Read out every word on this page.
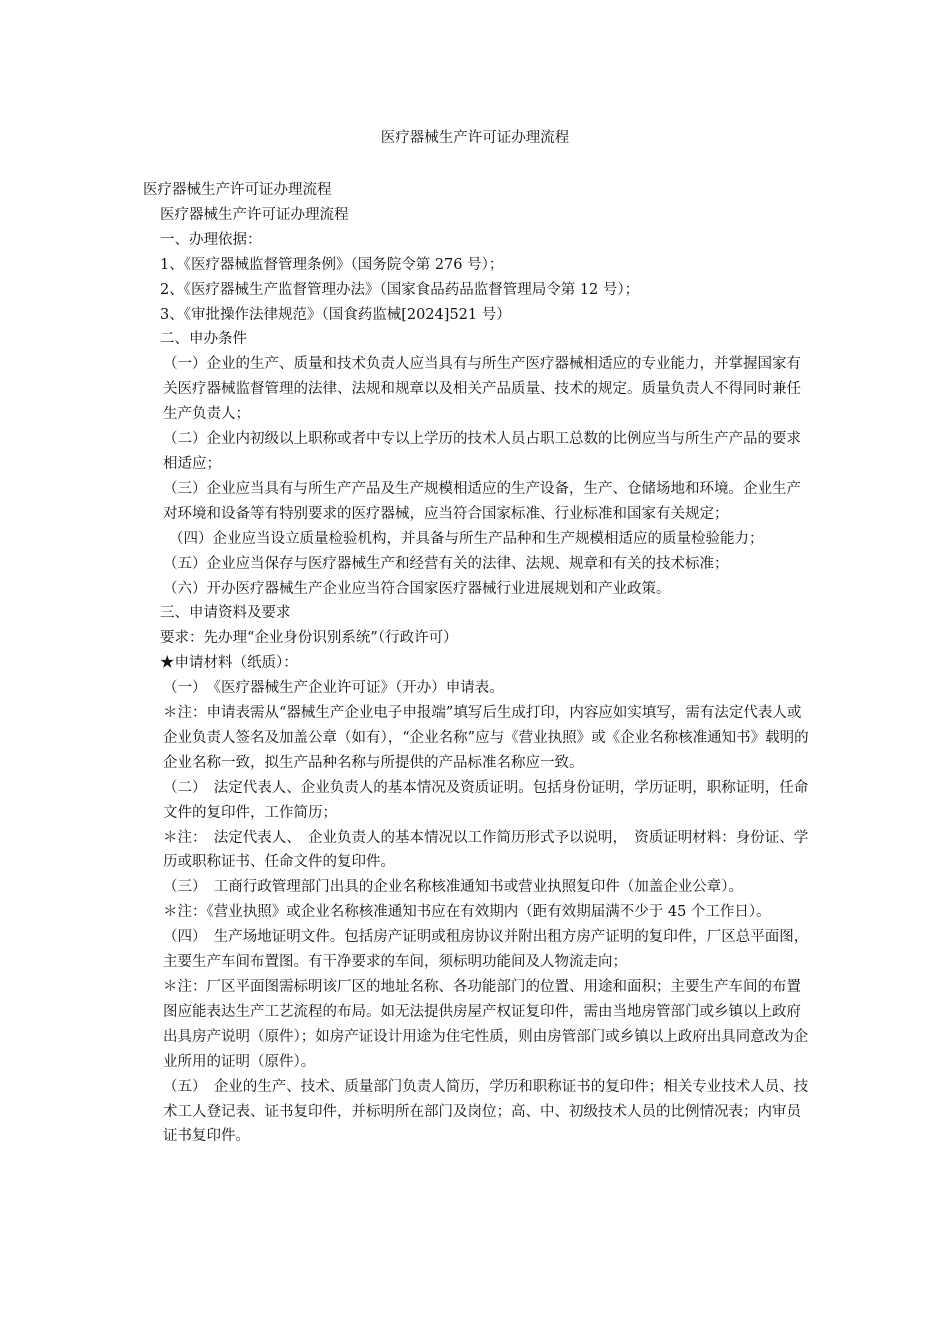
医疗器械生产许可证办理流程

医疗器械生产许可证办理流程

医疗器械生产许可证办理流程

一、办理依据：

1、《医疗器械监督管理条例》（国务院令第 276 号）；

2、《医疗器械生产监督管理办法》（国家食品药品监督管理局令第 12 号）；

3、《审批操作法律规范》（国食药监械[2024]521 号）

二、申办条件

（一）企业的生产、质量和技术负责人应当具有与所生产医疗器械相适应的专业能力，并掌握国家有关医疗器械监督管理的法律、法规和规章以及相关产品质量、技术的规定。质量负责人不得同时兼任生产负责人；

（二）企业内初级以上职称或者中专以上学历的技术人员占职工总数的比例应当与所生产产品的要求相适应；

（三）企业应当具有与所生产产品及生产规模相适应的生产设备，生产、仓储场地和环境。企业生产对环境和设备等有特别要求的医疗器械，应当符合国家标准、行业标准和国家有关规定；

（四）企业应当设立质量检验机构，并具备与所生产品种和生产规模相适应的质量检验能力；

（五）企业应当保存与医疗器械生产和经营有关的法律、法规、规章和有关的技术标准；

（六）开办医疗器械生产企业应当符合国家医疗器械行业进展规划和产业政策。

三、申请资料及要求

要求：先办理“企业身份识别系统”（行政许可）

★申请材料（纸质）：

（一）　《医疗器械生产企业许可证》（开办）申请表。

＊注：申请表需从“器械生产企业电子申报端”填写后生成打印，内容应如实填写，需有法定代表人或企业负责人签名及加盖公章（如有），“企业名称”应与《营业执照》或《企业名称核准通知书》载明的企业名称一致，拟生产品种名称与所提供的产品标准名称应一致。

（二）　法定代表人、企业负责人的基本情况及资质证明。包括身份证明，学历证明，职称证明，任命文件的复印件，工作简历；

＊注：　法定代表人、　企业负责人的基本情况以工作简历形式予以说明，　资质证明材料：身份证、学历或职称证书、任命文件的复印件。

（三）　工商行政管理部门出具的企业名称核准通知书或营业执照复印件（加盖企业公章）。

＊注：《营业执照》或企业名称核准通知书应在有效期内（距有效期届满不少于 45 个工作日）。

（四）　生产场地证明文件。包括房产证明或租房协议并附出租方房产证明的复印件，厂区总平面图，主要生产车间布置图。有干净要求的车间，须标明功能间及人物流走向；

＊注：厂区平面图需标明该厂区的地址名称、各功能部门的位置、用途和面积；主要生产车间的布置图应能表达生产工艺流程的布局。如无法提供房屋产权证复印件，需由当地房管部门或乡镇以上政府出具房产说明（原件）；如房产证设计用途为住宅性质，则由房管部门或乡镇以上政府出具同意改为企业所用的证明（原件）。

（五）　企业的生产、技术、质量部门负责人简历，学历和职称证书的复印件；相关专业技术人员、技术工人登记表、证书复印件，并标明所在部门及岗位；高、中、初级技术人员的比例情况表；内审员证书复印件。
